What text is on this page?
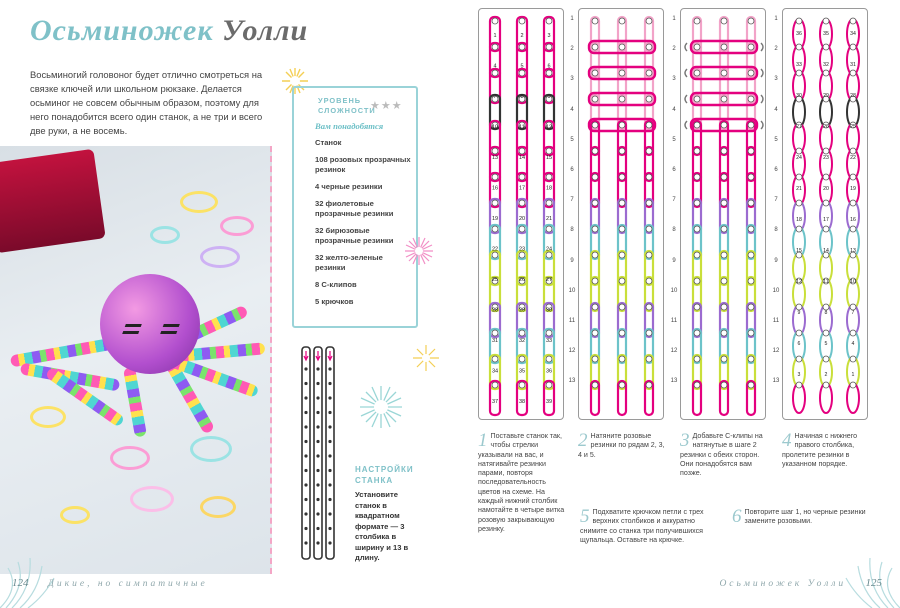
Осьминожек Уолли
Восьминогий головоног будет отлично смотреться на связке ключей или школьном рюкзаке. Делается осьминог не совсем обычным образом, поэтому для него понадобится всего один станок, а не три и всего две руки, а не восемь.
УРОВЕНЬ СЛОЖНОСТИ
★★★
Вам понадобятся
Станок
108 розовых прозрачных резинок
4 черные резинки
32 фиолетовые прозрачные резинки
32 бирюзовые прозрачные резинки
32 желто-зеленые резинки
8 С-клипов
5 крючков
НАСТРОЙКИ СТАНКА
Установите станок в квадратном формате — 3 столбика в ширину и 13 в длину.
124 Дикие, но симпатичные
1	2	3
4	5	6
7	8	9
10	11	12
13	14	15
16	17	18
19	20	21
22	23	24
25	26	27
28	29	30
31	32	33
34	35	36
37	38	39
36	35	34
33	32	31
30	29	28
27	26	25
24	23	22
21	20	19
18	17	16
15	14	13
12	11	10
9	8	7
6	5	4
3	2	1
1 Поставьте станок так, чтобы стрелки указывали на вас, и натягивайте резинки парами, повторя последовательность цветов на схеме. На каждый нижний столбик намотайте в четыре витка розовую закрывающую резинку.
2 Натяните розовые резинки по рядам 2, 3, 4 и 5.
3 Добавьте С-клипы на натянутые в шаге 2 резинки с обеих сторон. Они понадобятся вам позже.
4 Начиная с нижнего правого столбика, пролетите резинки в указанном порядке.
5 Подхватите крючком петли с трех верхних столбиков и аккуратно снимите со станка три получившихся щупальца. Оставьте на крючке.
6 Повторите шаг 1, но черные резинки замените розовыми.
Осьминожек Уолли 125
1
2
3
4
5
6
7
8
9
10
11
12
13
1
2
3
4
5
6
7
8
9
10
11
12
13
1
2
3
4
5
6
7
8
9
10
11
12
13
